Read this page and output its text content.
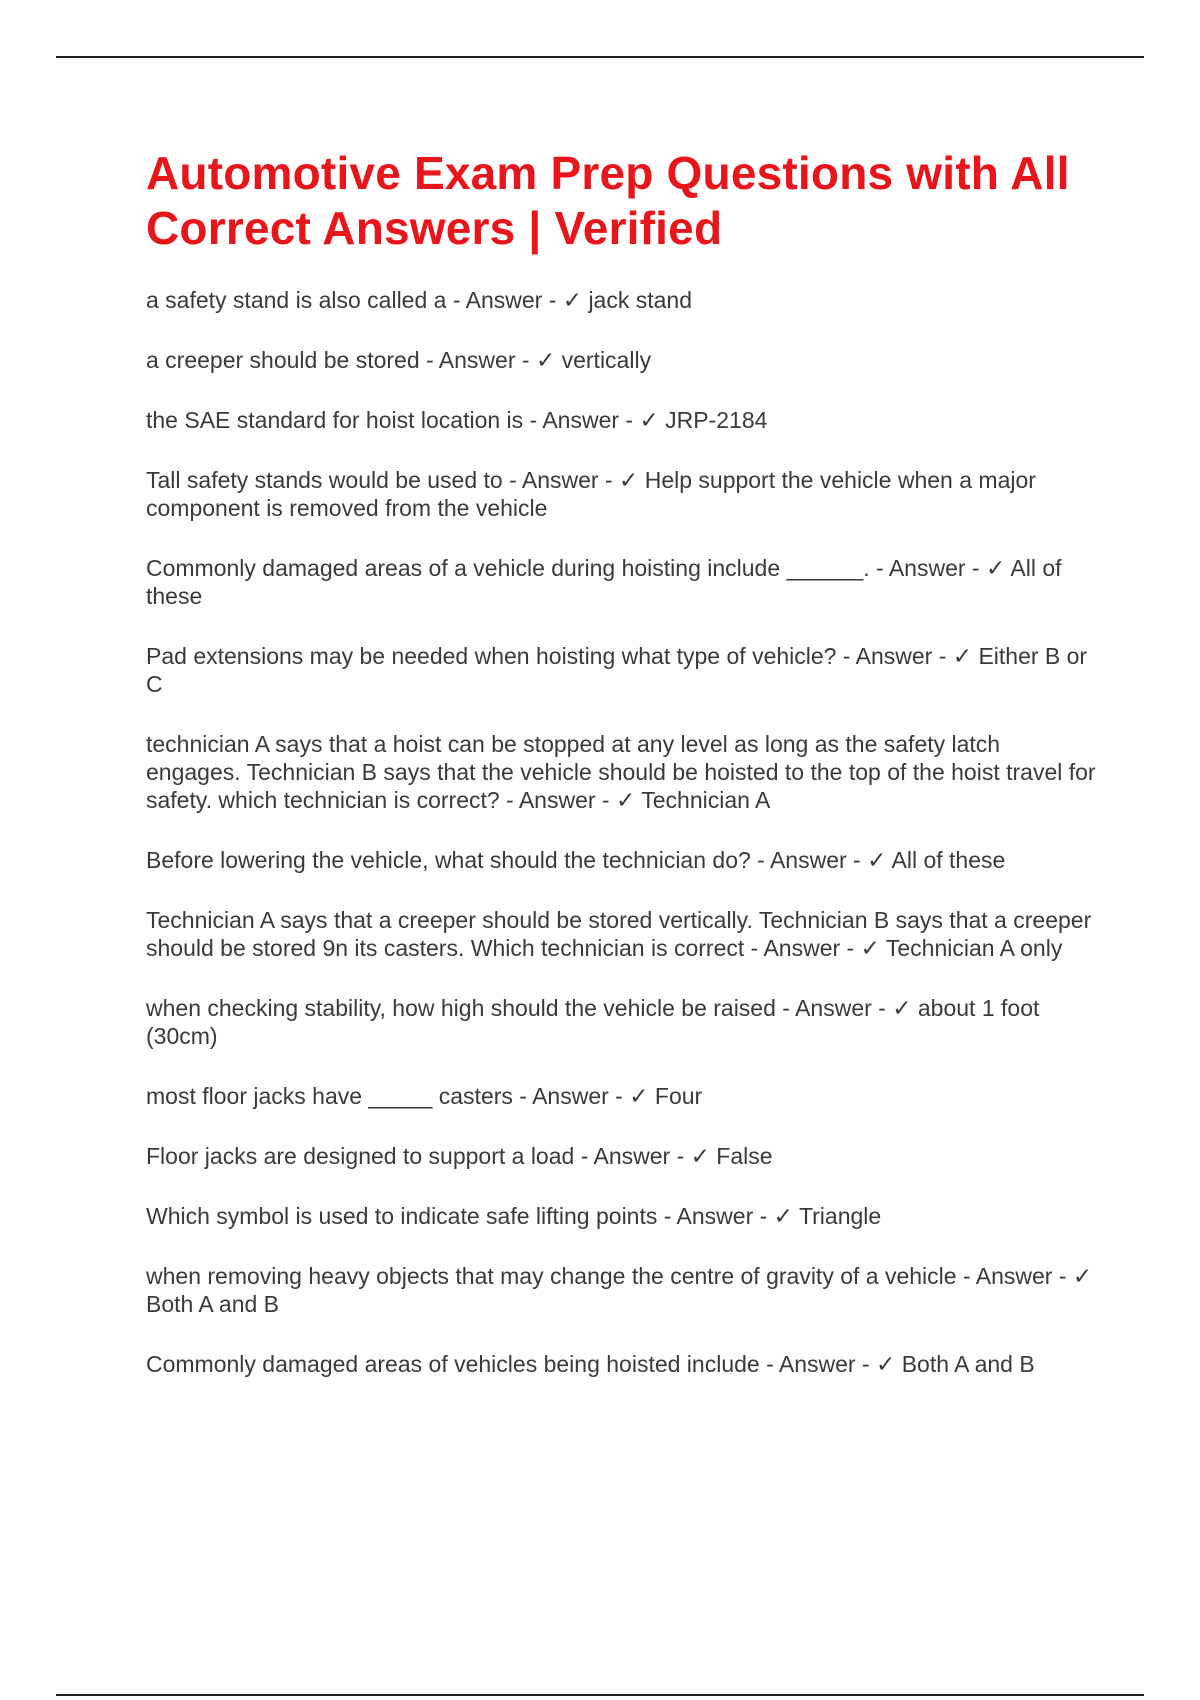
Automotive Exam Prep Questions with All Correct Answers | Verified
a safety stand is also called a - Answer - ✓ jack stand
a creeper should be stored - Answer - ✓ vertically
the SAE standard for hoist location is - Answer - ✓ JRP-2184
Tall safety stands would be used to - Answer - ✓ Help support the vehicle when a major component is removed from the vehicle
Commonly damaged areas of a vehicle during hoisting include ______. - Answer - ✓ All of these
Pad extensions may be needed when hoisting what type of vehicle? - Answer - ✓ Either B or C
technician A says that a hoist can be stopped at any level as long as the safety latch engages. Technician B says that the vehicle should be hoisted to the top of the hoist travel for safety. which technician is correct? - Answer - ✓ Technician A
Before lowering the vehicle, what should the technician do? - Answer - ✓ All of these
Technician A says that a creeper should be stored vertically. Technician B says that a creeper should be stored 9n its casters. Which technician is correct - Answer - ✓ Technician A only
when checking stability, how high should the vehicle be raised - Answer - ✓ about 1 foot (30cm)
most floor jacks have _____ casters - Answer - ✓ Four
Floor jacks are designed to support a load - Answer - ✓ False
Which symbol is used to indicate safe lifting points - Answer - ✓ Triangle
when removing heavy objects that may change the centre of gravity of a vehicle - Answer - ✓ Both A and B
Commonly damaged areas of vehicles being hoisted include - Answer - ✓ Both A and B
